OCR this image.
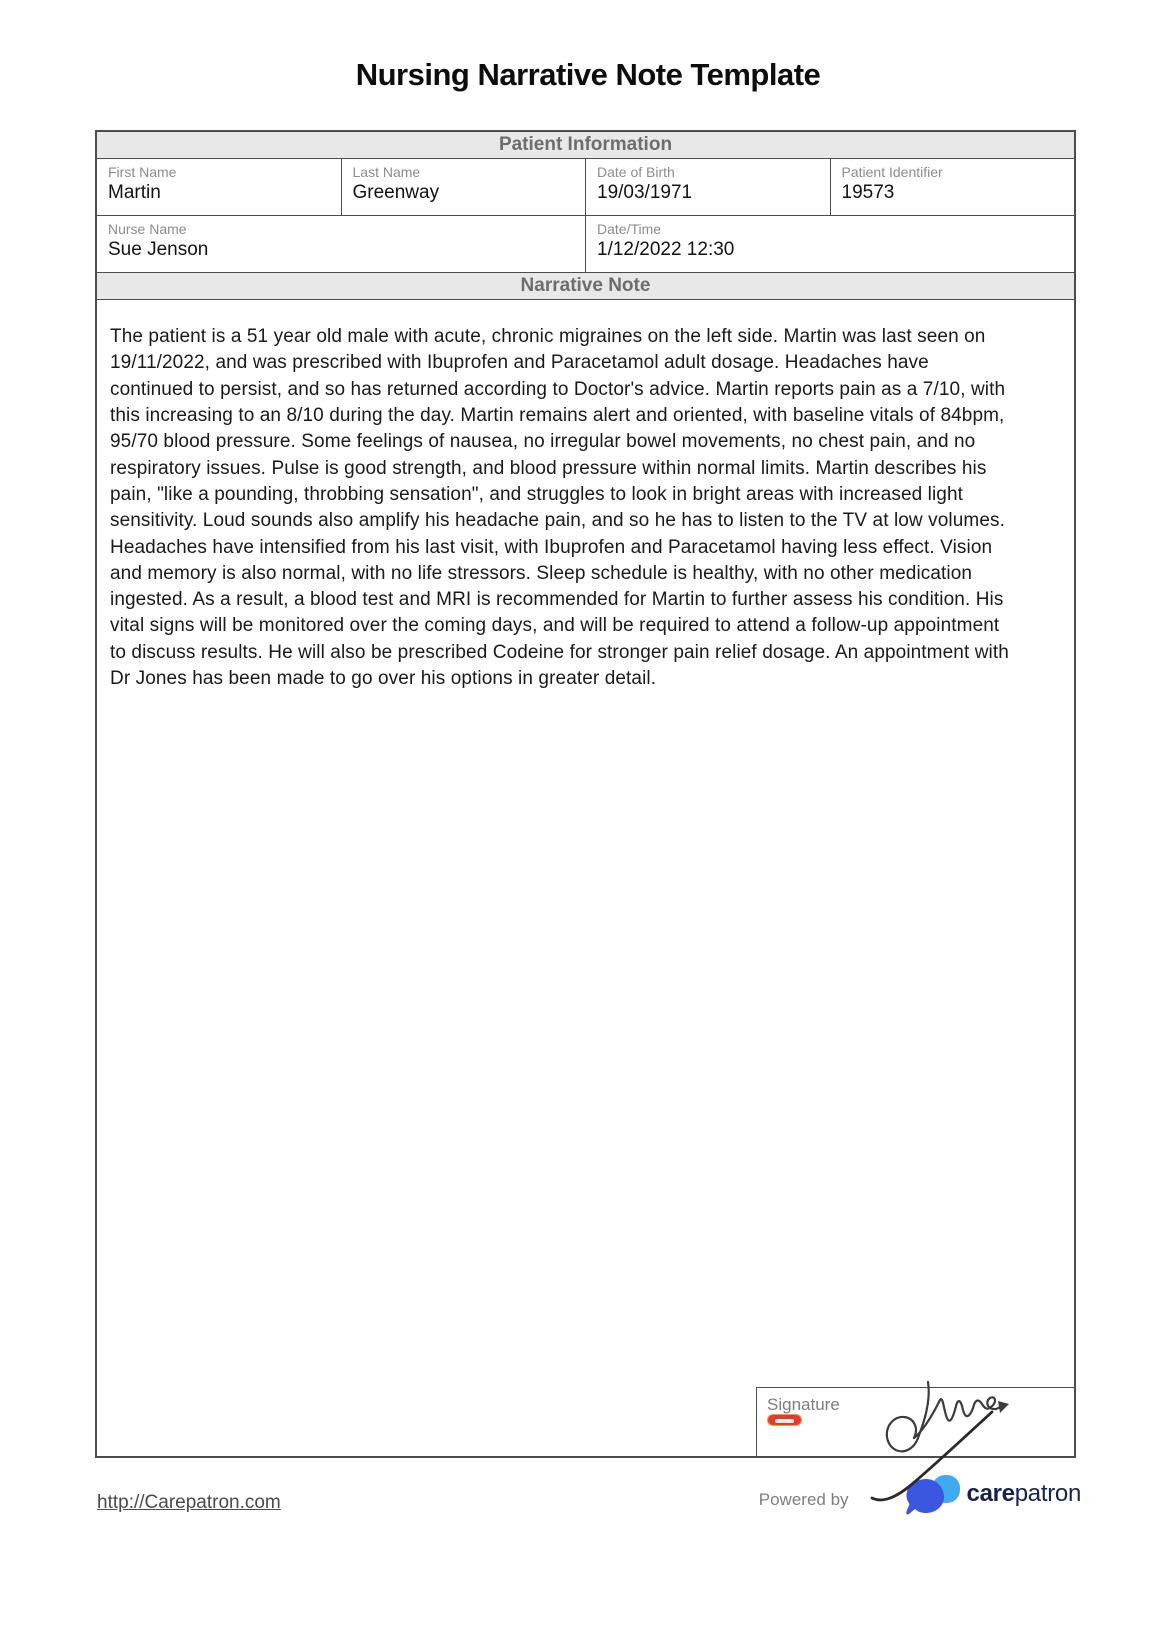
Nursing Narrative Note Template
Patient Information
First Name
Martin
Last Name
Greenway
Date of Birth
19/03/1971
Patient Identifier
19573
Nurse Name
Sue Jenson
Date/Time
1/12/2022 12:30
Narrative Note

The patient is a 51 year old male with acute, chronic migraines on the left side. Martin was last seen on 19/11/2022, and was prescribed with Ibuprofen and Paracetamol adult dosage. Headaches have continued to persist, and so has returned according to Doctor's advice. Martin reports pain as a 7/10, with this increasing to an 8/10 during the day. Martin remains alert and oriented, with baseline vitals of 84bpm, 95/70 blood pressure. Some feelings of nausea, no irregular bowel movements, no chest pain, and no respiratory issues. Pulse is good strength, and blood pressure within normal limits. Martin describes his pain, "like a pounding, throbbing sensation", and struggles to look in bright areas with increased light sensitivity. Loud sounds also amplify his headache pain, and so he has to listen to the TV at low volumes. Headaches have intensified from his last visit, with Ibuprofen and Paracetamol having less effect. Vision and memory is also normal, with no life stressors. Sleep schedule is healthy, with no other medication ingested. As a result, a blood test and MRI is recommended for Martin to further assess his condition. His vital signs will be monitored over the coming days, and will be required to attend a follow-up appointment to discuss results. He will also be prescribed Codeine for stronger pain relief dosage. An appointment with Dr Jones has been made to go over his options in greater detail.

Signature
http://Carepatron.com	Powered by	carepatron
